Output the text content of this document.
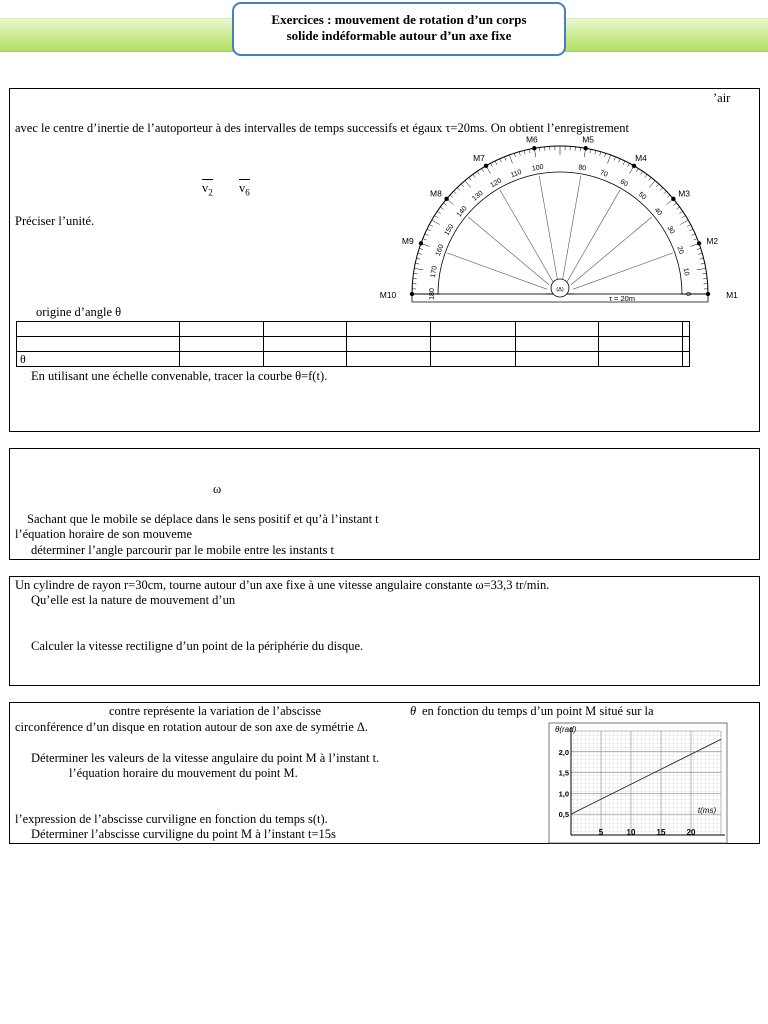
Exercices : mouvement de rotation d’un corps
solide indéformable autour d’un axe fixe
’air
avec le centre d’inertie de l’autoporteur à des intervalles de temps successifs et égaux τ=20ms. On obtient l’enregistrement
$v_2$ $v_6$
Préciser l’unité.
origine d’angle θ
0
10
20
30
40
50
60
70
80
100
110
120
130
140
150
160
170
180	(Δ)	M1
M2
M3
M4
M5
M6
M7
M8
M9
M10	τ = 20m

θ							
En utilisant une échelle convenable, tracer la courbe θ=f(t).
ω
Sachant que le mobile se déplace dans le sens positif et qu’à l’instant t
l’équation horaire de son mouveme
déterminer l’angle parcourir par le mobile entre les instants t
Un cylindre de rayon r=30cm, tourne autour d’un axe fixe à une vitesse angulaire constante ω=33,3 tr/min.
Qu’elle est la nature de mouvement d’un
Calculer la vitesse rectiligne d’un point de la périphérie du disque.
contre représente la variation de l’abscisse	θ en fonction du temps d’un point M situé sur la
circonférence d’un disque en rotation autour de son axe de symétrie Δ.
Déterminer les valeurs de la vitesse angulaire du point M à l’instant t.
l’équation horaire du mouvement du point M.
l’expression de l’abscisse curviligne en fonction du temps s(t).
Déterminer l’abscisse curviligne du point M à l’instant t=15s	5	10	15	20
0,5
1,0
1,5
2,0
θ(rad)
t(ms)
